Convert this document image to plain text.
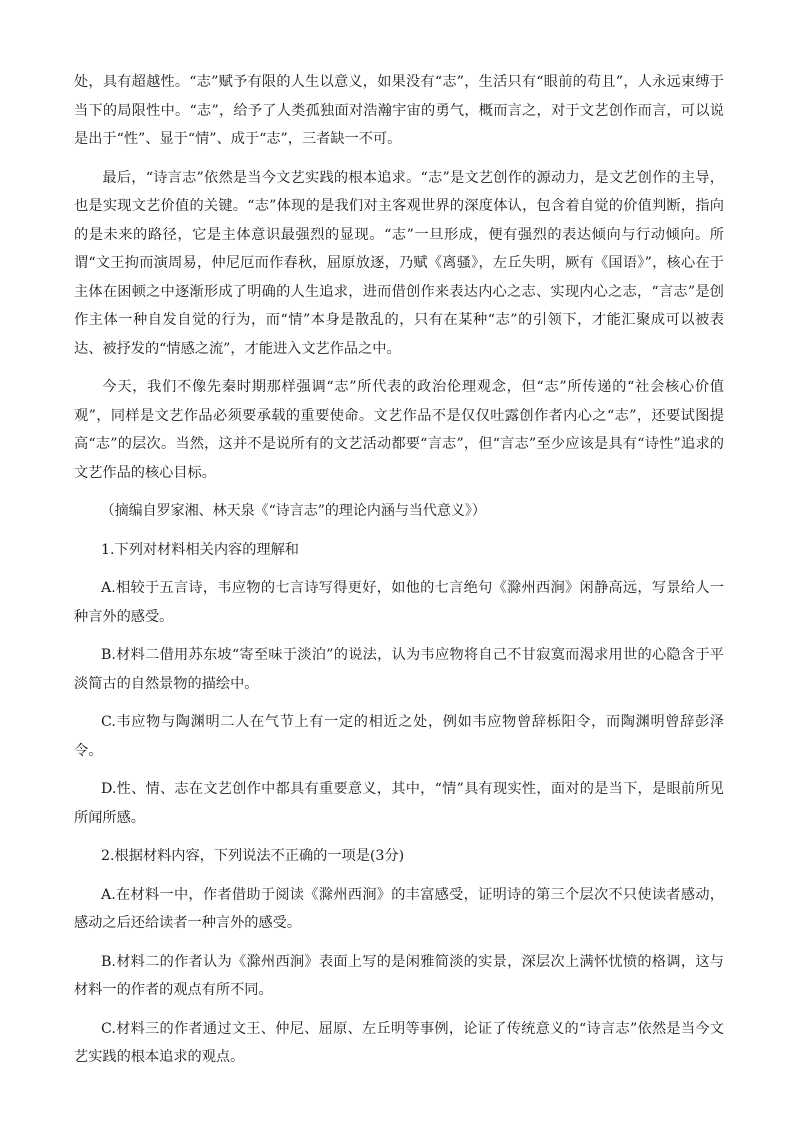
处，具有超越性。“志”赋予有限的人生以意义，如果没有“志”，生活只有“眼前的苟且”，人永远束缚于当下的局限性中。“志”，给予了人类孤独面对浩瀚宇宙的勇气，概而言之，对于文艺创作而言，可以说是出于“性”、显于“情”、成于“志”，三者缺一不可。

最后，“诗言志”依然是当今文艺实践的根本追求。“志”是文艺创作的源动力，是文艺创作的主导，也是实现文艺价值的关键。“志”体现的是我们对主客观世界的深度体认，包含着自觉的价值判断，指向的是未来的路径，它是主体意识最强烈的显现。“志”一旦形成，便有强烈的表达倾向与行动倾向。所谓“文王拘而演周易，仲尼厄而作春秋，屈原放逐，乃赋《离骚》，左丘失明，厥有《国语》”，核心在于主体在困顿之中逐渐形成了明确的人生追求，进而借创作来表达内心之志、实现内心之志，“言志”是创作主体一种自发自觉的行为，而“情”本身是散乱的，只有在某种“志”的引领下，才能汇聚成可以被表达、被抒发的“情感之流”，才能进入文艺作品之中。

今天，我们不像先秦时期那样强调“志”所代表的政治伦理观念，但“志”所传递的“社会核心价值观”，同样是文艺作品必须要承载的重要使命。文艺作品不是仅仅吐露创作者内心之“志”，还要试图提高“志”的层次。当然，这并不是说所有的文艺活动都要“言志”，但“言志”至少应该是具有“诗性”追求的文艺作品的核心目标。

（摘编自罗家湘、林天泉《“诗言志”的理论内涵与当代意义》）

1.下列对材料相关内容的理解和

A.相较于五言诗，韦应物的七言诗写得更好，如他的七言绝句《滁州西涧》闲静高远，写景给人一种言外的感受。

B.材料二借用苏东坡“寄至味于淡泊”的说法，认为韦应物将自己不甘寂寞而渴求用世的心隐含于平淡简古的自然景物的描绘中。

C.韦应物与陶渊明二人在气节上有一定的相近之处，例如韦应物曾辞栎阳令，而陶渊明曾辞彭泽令。

D.性、情、志在文艺创作中都具有重要意义，其中，“情”具有现实性，面对的是当下，是眼前所见所闻所感。

2.根据材料内容，下列说法不正确的一项是(3分)

A.在材料一中，作者借助于阅读《滁州西涧》的丰富感受，证明诗的第三个层次不只使读者感动，感动之后还给读者一种言外的感受。

B.材料二的作者认为《滁州西涧》表面上写的是闲雅简淡的实景，深层次上满怀忧愤的格调，这与材料一的作者的观点有所不同。

C.材料三的作者通过文王、仲尼、屈原、左丘明等事例，论证了传统意义的“诗言志”依然是当今文艺实践的根本追求的观点。
